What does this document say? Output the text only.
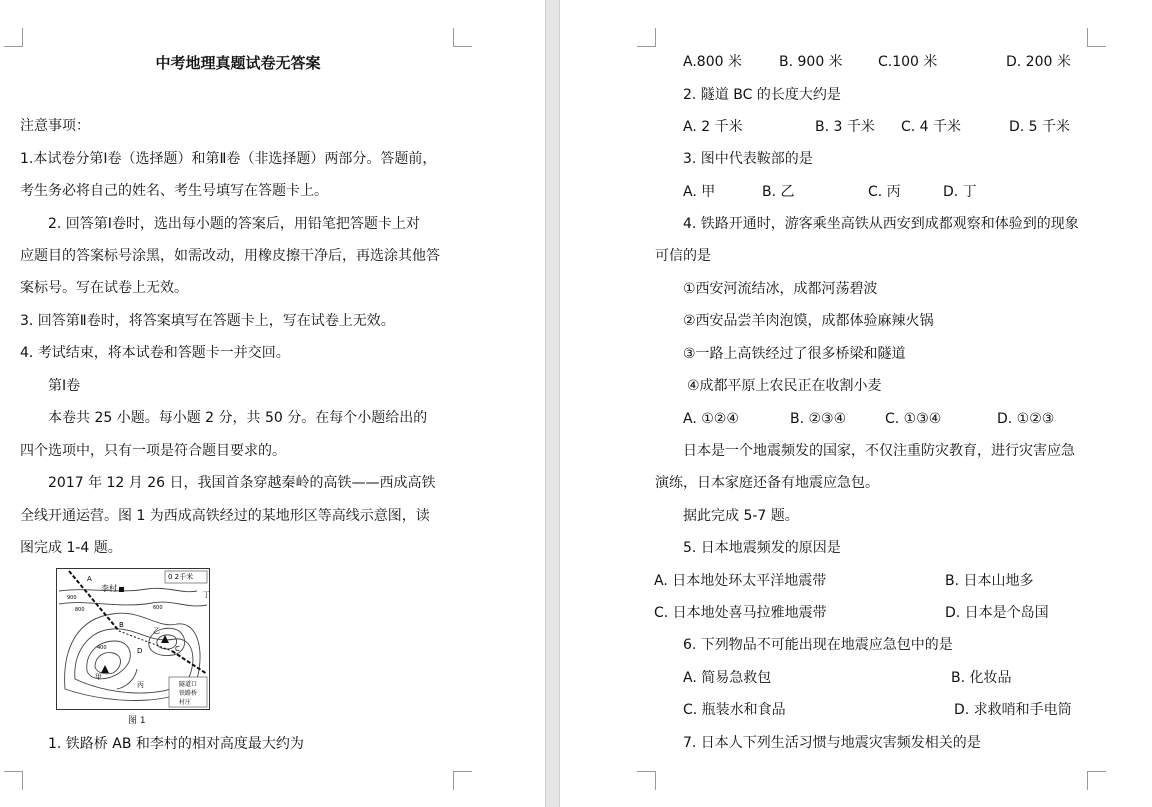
中考地理真题试卷无答案
注意事项：
1.本试卷分第Ⅰ卷（选择题）和第Ⅱ卷（非选择题）两部分。答题前，
考生务必将自己的姓名、考生号填写在答题卡上。
2. 回答第Ⅰ卷时，选出每小题的答案后，用铅笔把答题卡上对
应题目的答案标号涂黑，如需改动，用橡皮擦干净后，再选涂其他答
案标号。写在试卷上无效。
3. 回答第Ⅱ卷时，将答案填写在答题卡上，写在试卷上无效。
4. 考试结束，将本试卷和答题卡一并交回。
第Ⅰ卷
本卷共 25 小题。每小题 2 分，共 50 分。在每个小题给出的
四个选项中，只有一项是符合题目要求的。
2017 年 12 月 26 日，我国首条穿越秦岭的高铁——西成高铁
全线开通运营。图 1 为西成高铁经过的某地形区等高线示意图，读
图完成 1-4 题。
李村
A
B
C
D
甲
乙
丙
丁
900
800	600
400
0 2千米
隧道口
铁路桥
村庄
图 1
1. 铁路桥 AB 和李村的相对高度最大约为
A.800 米	B. 900 米	C.100 米	D. 200 米
2. 隧道 BC 的长度大约是
A. 2 千米	B. 3 千米 C. 4 千米	D. 5 千米
3. 图中代表鞍部的是
A. 甲	B. 乙	C. 丙	D. 丁
4. 铁路开通时，游客乘坐高铁从西安到成都观察和体验到的现象
可信的是
①西安河流结冰，成都河荡碧波
②西安品尝羊肉泡馍，成都体验麻辣火锅
③一路上高铁经过了很多桥梁和隧道
④成都平原上农民正在收割小麦
A. ①②④	B. ②③④	C. ①③④	D. ①②③
日本是一个地震频发的国家，不仅注重防灾教育，进行灾害应急
演练，日本家庭还备有地震应急包。
据此完成 5-7 题。
5. 日本地震频发的原因是
A. 日本地处环太平洋地震带	B. 日本山地多
C. 日本地处喜马拉雅地震带	D. 日本是个岛国
6. 下列物品不可能出现在地震应急包中的是
A. 简易急救包	B. 化妆品
C. 瓶装水和食品	D. 求救哨和手电筒
7. 日本人下列生活习惯与地震灾害频发相关的是
